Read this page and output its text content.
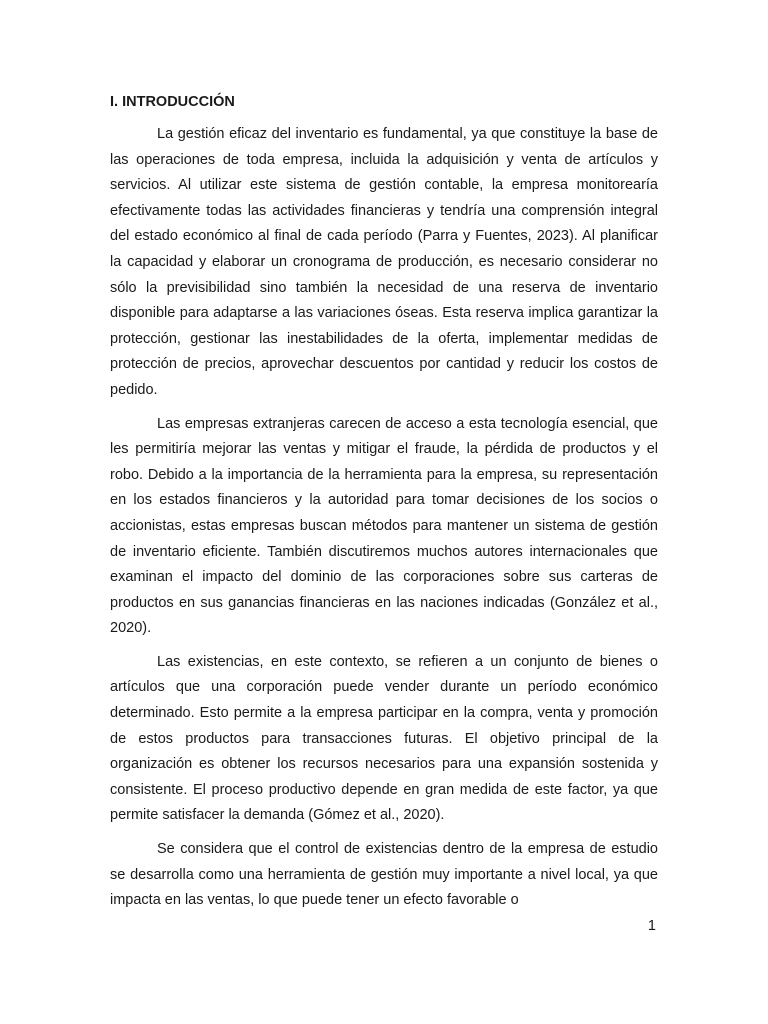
I. INTRODUCCIÓN

La gestión eficaz del inventario es fundamental, ya que constituye la base de las operaciones de toda empresa, incluida la adquisición y venta de artículos y servicios. Al utilizar este sistema de gestión contable, la empresa monitorearía efectivamente todas las actividades financieras y tendría una comprensión integral del estado económico al final de cada período (Parra y Fuentes, 2023). Al planificar la capacidad y elaborar un cronograma de producción, es necesario considerar no sólo la previsibilidad sino también la necesidad de una reserva de inventario disponible para adaptarse a las variaciones óseas. Esta reserva implica garantizar la protección, gestionar las inestabilidades de la oferta, implementar medidas de protección de precios, aprovechar descuentos por cantidad y reducir los costos de pedido.

Las empresas extranjeras carecen de acceso a esta tecnología esencial, que les permitiría mejorar las ventas y mitigar el fraude, la pérdida de productos y el robo. Debido a la importancia de la herramienta para la empresa, su representación en los estados financieros y la autoridad para tomar decisiones de los socios o accionistas, estas empresas buscan métodos para mantener un sistema de gestión de inventario eficiente. También discutiremos muchos autores internacionales que examinan el impacto del dominio de las corporaciones sobre sus carteras de productos en sus ganancias financieras en las naciones indicadas (González et al., 2020).

Las existencias, en este contexto, se refieren a un conjunto de bienes o artículos que una corporación puede vender durante un período económico determinado. Esto permite a la empresa participar en la compra, venta y promoción de estos productos para transacciones futuras. El objetivo principal de la organización es obtener los recursos necesarios para una expansión sostenida y consistente. El proceso productivo depende en gran medida de este factor, ya que permite satisfacer la demanda (Gómez et al., 2020).

Se considera que el control de existencias dentro de la empresa de estudio se desarrolla como una herramienta de gestión muy importante a nivel local, ya que impacta en las ventas, lo que puede tener un efecto favorable o

1
